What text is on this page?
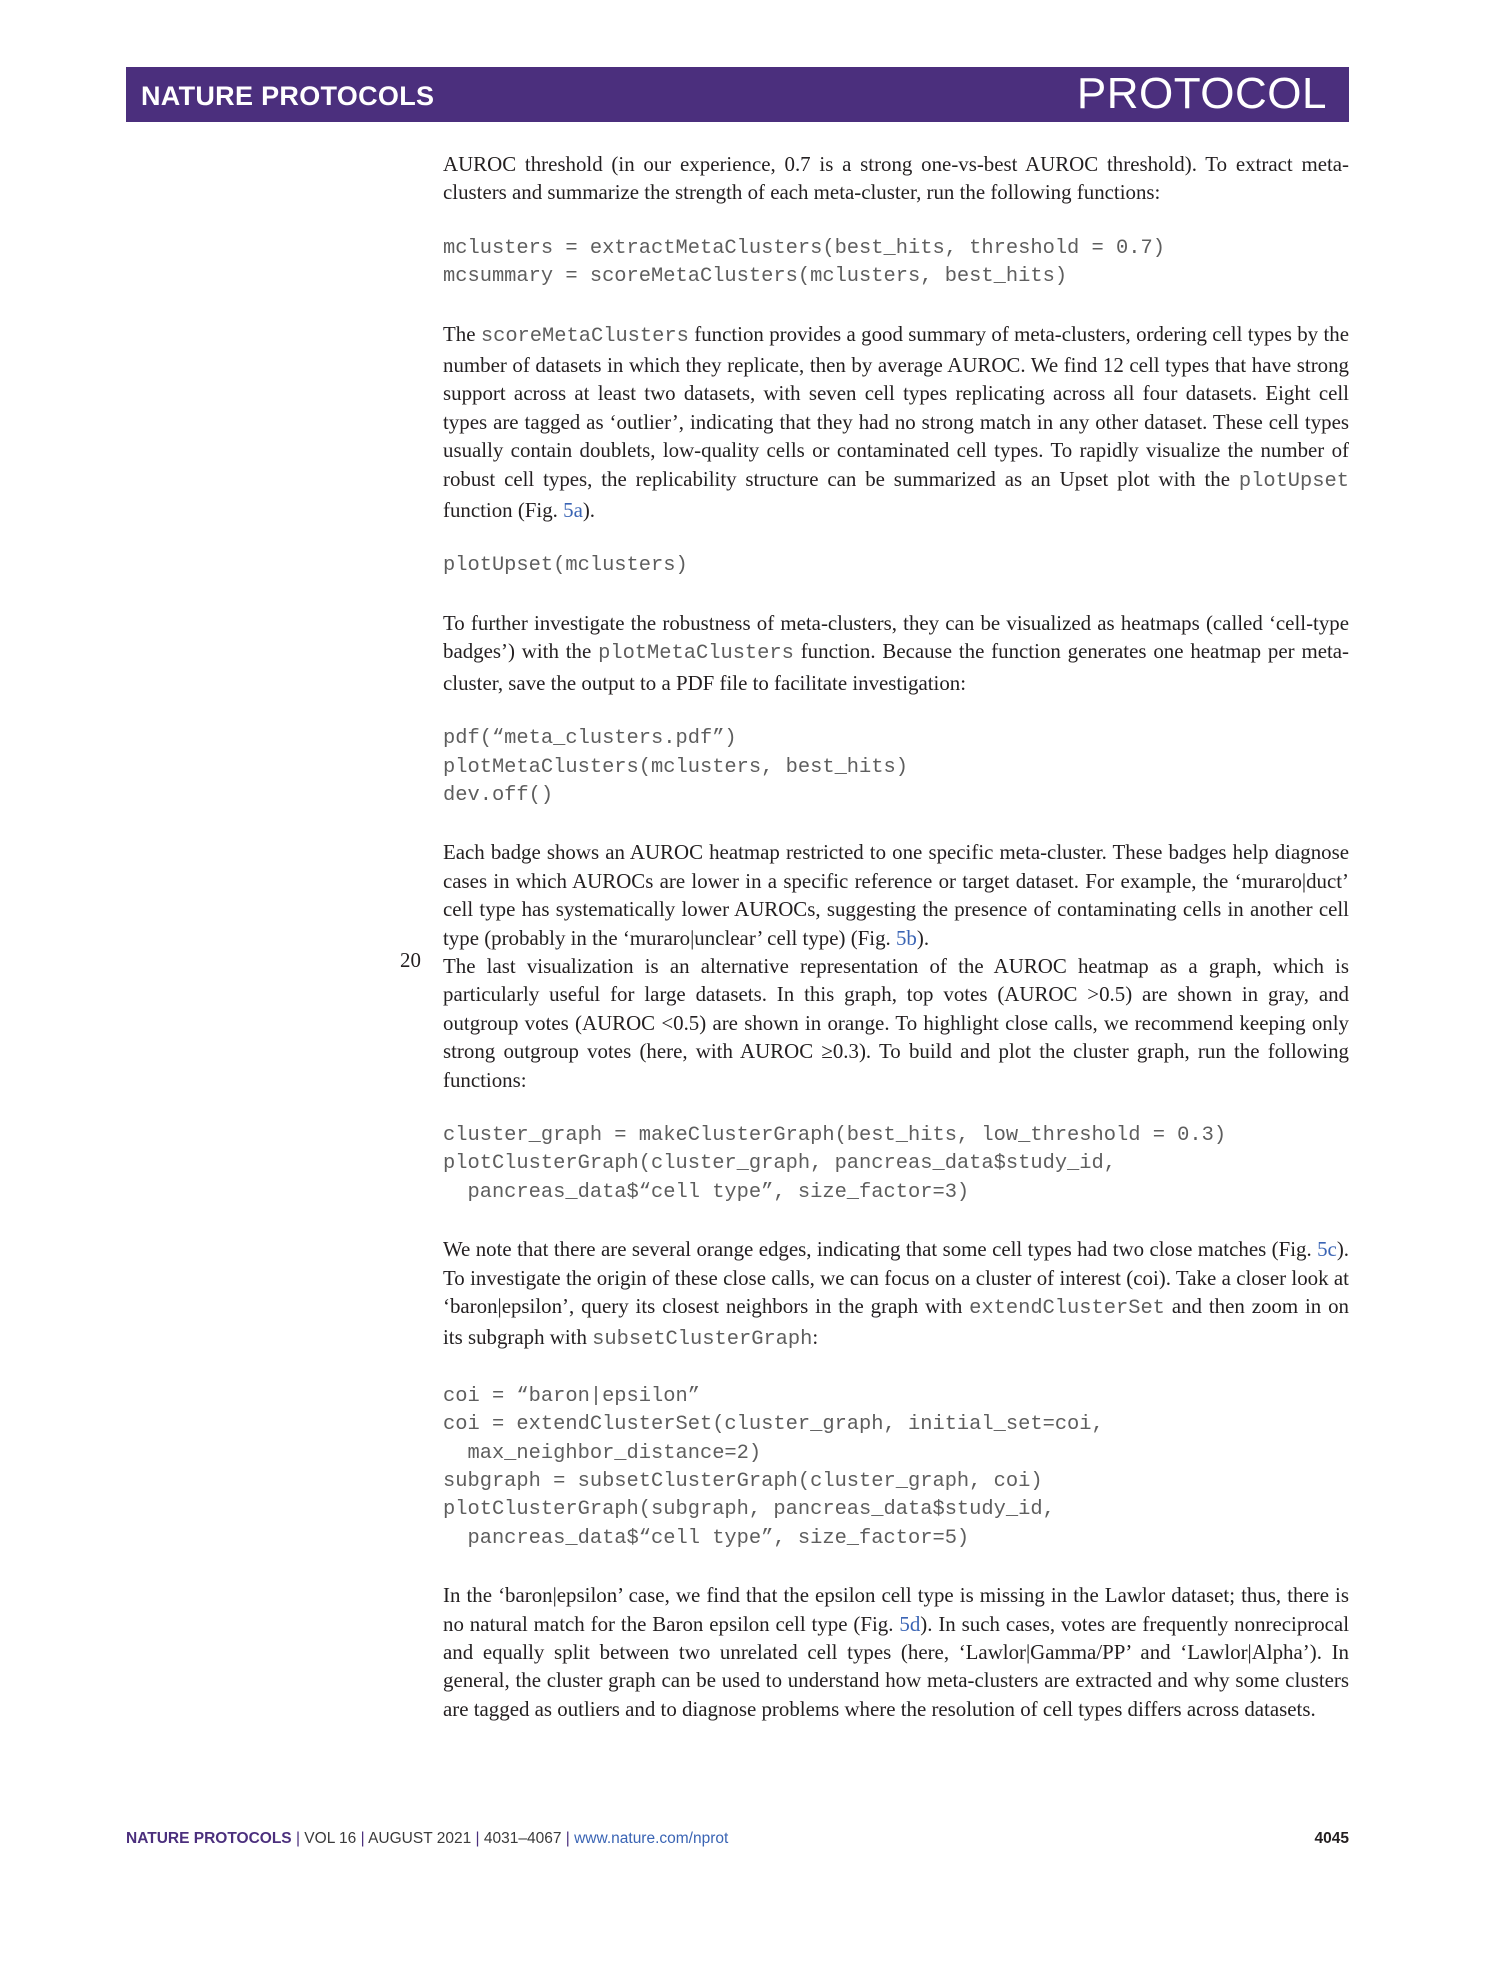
NATURE PROTOCOLS	PROTOCOL
20

AUROC threshold (in our experience, 0.7 is a strong one-vs-best AUROC threshold). To extract meta-clusters and summarize the strength of each meta-cluster, run the following functions:

mclusters = extractMetaClusters(best_hits, threshold = 0.7)
mcsummary = scoreMetaClusters(mclusters, best_hits)

The scoreMetaClusters function provides a good summary of meta-clusters, ordering cell types by the number of datasets in which they replicate, then by average AUROC. We find 12 cell types that have strong support across at least two datasets, with seven cell types replicating across all four datasets. Eight cell types are tagged as ‘outlier’, indicating that they had no strong match in any other dataset. These cell types usually contain doublets, low-quality cells or contaminated cell types. To rapidly visualize the number of robust cell types, the replicability structure can be summarized as an Upset plot with the plotUpset function (Fig. 5a).

plotUpset(mclusters)

To further investigate the robustness of meta-clusters, they can be visualized as heatmaps (called ‘cell-type badges’) with the plotMetaClusters function. Because the function generates one heatmap per meta-cluster, save the output to a PDF file to facilitate investigation:

pdf(“meta_clusters.pdf”)
plotMetaClusters(mclusters, best_hits)
dev.off()

Each badge shows an AUROC heatmap restricted to one specific meta-cluster. These badges help diagnose cases in which AUROCs are lower in a specific reference or target dataset. For example, the ‘muraro|duct’ cell type has systematically lower AUROCs, suggesting the presence of contaminating cells in another cell type (probably in the ‘muraro|unclear’ cell type) (Fig. 5b).

The last visualization is an alternative representation of the AUROC heatmap as a graph, which is particularly useful for large datasets. In this graph, top votes (AUROC >0.5) are shown in gray, and outgroup votes (AUROC <0.5) are shown in orange. To highlight close calls, we recommend keeping only strong outgroup votes (here, with AUROC ≥0.3). To build and plot the cluster graph, run the following functions:

cluster_graph = makeClusterGraph(best_hits, low_threshold = 0.3)
plotClusterGraph(cluster_graph, pancreas_data$study_id,
pancreas_data$“cell type”, size_factor=3)

We note that there are several orange edges, indicating that some cell types had two close matches (Fig. 5c). To investigate the origin of these close calls, we can focus on a cluster of interest (coi). Take a closer look at ‘baron|epsilon’, query its closest neighbors in the graph with extendClusterSet and then zoom in on its subgraph with subsetClusterGraph:

coi = “baron|epsilon”
coi = extendClusterSet(cluster_graph, initial_set=coi,
max_neighbor_distance=2)
subgraph = subsetClusterGraph(cluster_graph, coi)
plotClusterGraph(subgraph, pancreas_data$study_id,
pancreas_data$“cell type”, size_factor=5)

In the ‘baron|epsilon’ case, we find that the epsilon cell type is missing in the Lawlor dataset; thus, there is no natural match for the Baron epsilon cell type (Fig. 5d). In such cases, votes are frequently nonreciprocal and equally split between two unrelated cell types (here, ‘Lawlor|Gamma/PP’ and ‘Lawlor|Alpha’). In general, the cluster graph can be used to understand how meta-clusters are extracted and why some clusters are tagged as outliers and to diagnose problems where the resolution of cell types differs across datasets.

NATURE PROTOCOLS | VOL 16 | AUGUST 2021 | 4031–4067 | www.nature.com/nprot	4045
